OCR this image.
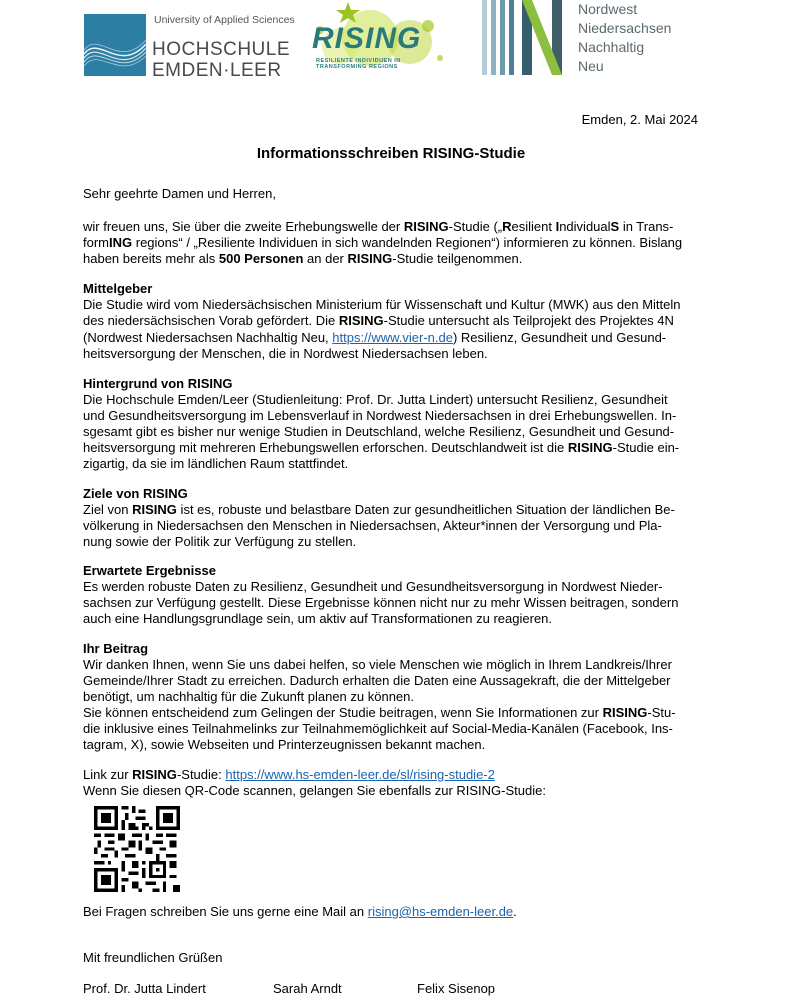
University of Applied Sciences
HOCHSCHULE
EMDEN·LEER
RISING
RESILIENTE INDIVIDUEN IN
TRANSFORMING REGIONS
Nordwest
Niedersachsen
Nachhaltig
Neu
Emden, 2. Mai 2024
Informationsschreiben RISING-Studie
Sehr geehrte Damen und Herren,
wir freuen uns, Sie über die zweite Erhebungswelle der RISING-Studie („Resilient IndividualS in Trans-
formING regions“ / „Resiliente Individuen in sich wandelnden Regionen“) informieren zu können. Bislang
haben bereits mehr als 500 Personen an der RISING-Studie teilgenommen.
Mittelgeber
Die Studie wird vom Niedersächsischen Ministerium für Wissenschaft und Kultur (MWK) aus den Mitteln
des niedersächsischen Vorab gefördert. Die RISING-Studie untersucht als Teilprojekt des Projektes 4N
(Nordwest Niedersachsen Nachhaltig Neu, https://www.vier-n.de) Resilienz, Gesundheit und Gesund-
heitsversorgung der Menschen, die in Nordwest Niedersachsen leben.
Hintergrund von RISING
Die Hochschule Emden/Leer (Studienleitung: Prof. Dr. Jutta Lindert) untersucht Resilienz, Gesundheit
und Gesundheitsversorgung im Lebensverlauf in Nordwest Niedersachsen in drei Erhebungswellen. In-
sgesamt gibt es bisher nur wenige Studien in Deutschland, welche Resilienz, Gesundheit und Gesund-
heitsversorgung mit mehreren Erhebungswellen erforschen. Deutschlandweit ist die RISING-Studie ein-
zigartig, da sie im ländlichen Raum stattfindet.
Ziele von RISING
Ziel von RISING ist es, robuste und belastbare Daten zur gesundheitlichen Situation der ländlichen Be-
völkerung in Niedersachsen den Menschen in Niedersachsen, Akteur*innen der Versorgung und Pla-
nung sowie der Politik zur Verfügung zu stellen.
Erwartete Ergebnisse
Es werden robuste Daten zu Resilienz, Gesundheit und Gesundheitsversorgung in Nordwest Nieder-
sachsen zur Verfügung gestellt. Diese Ergebnisse können nicht nur zu mehr Wissen beitragen, sondern
auch eine Handlungsgrundlage sein, um aktiv auf Transformationen zu reagieren.
Ihr Beitrag
Wir danken Ihnen, wenn Sie uns dabei helfen, so viele Menschen wie möglich in Ihrem Landkreis/Ihrer
Gemeinde/Ihrer Stadt zu erreichen. Dadurch erhalten die Daten eine Aussagekraft, die der Mittelgeber
benötigt, um nachhaltig für die Zukunft planen zu können.
Sie können entscheidend zum Gelingen der Studie beitragen, wenn Sie Informationen zur RISING-Stu-
die inklusive eines Teilnahmelinks zur Teilnahmemöglichkeit auf Social-Media-Kanälen (Facebook, Ins-
tagram, X), sowie Webseiten und Printerzeugnissen bekannt machen.
Link zur RISING-Studie: https://www.hs-emden-leer.de/sl/rising-studie-2
Wenn Sie diesen QR-Code scannen, gelangen Sie ebenfalls zur RISING-Studie:
Bei Fragen schreiben Sie uns gerne eine Mail an rising@hs-emden-leer.de.
Mit freundlichen Grüßen
Prof. Dr. Jutta Lindert	Sarah Arndt	Felix Sisenop
